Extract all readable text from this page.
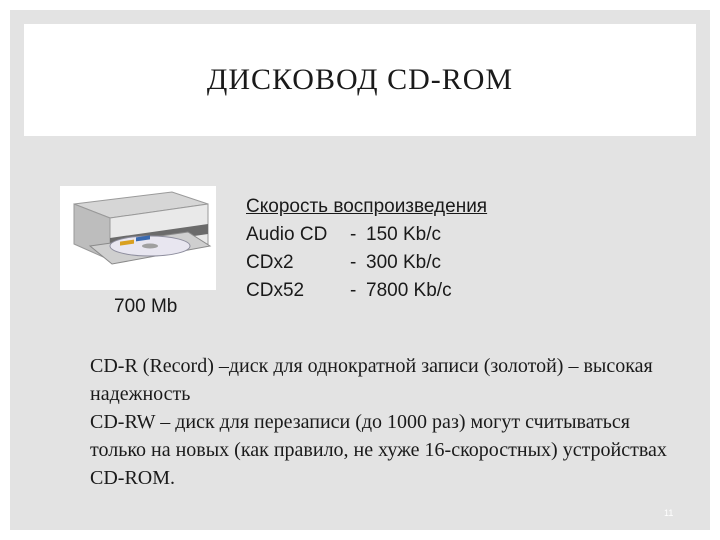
ДИСКОВОД CD-ROM
700 Mb
Скорость воспроизведения
Audio CD	- 150 Kb/c
CDx2	- 300 Kb/c
CDx52	- 7800 Kb/c
CD-R (Record) –диск для однократной записи (золотой) – высокая надежность
CD-RW – диск для перезаписи (до 1000 раз) могут считываться только на новых (как правило, не хуже 16-скоростных) устройствах CD-ROM.
11
